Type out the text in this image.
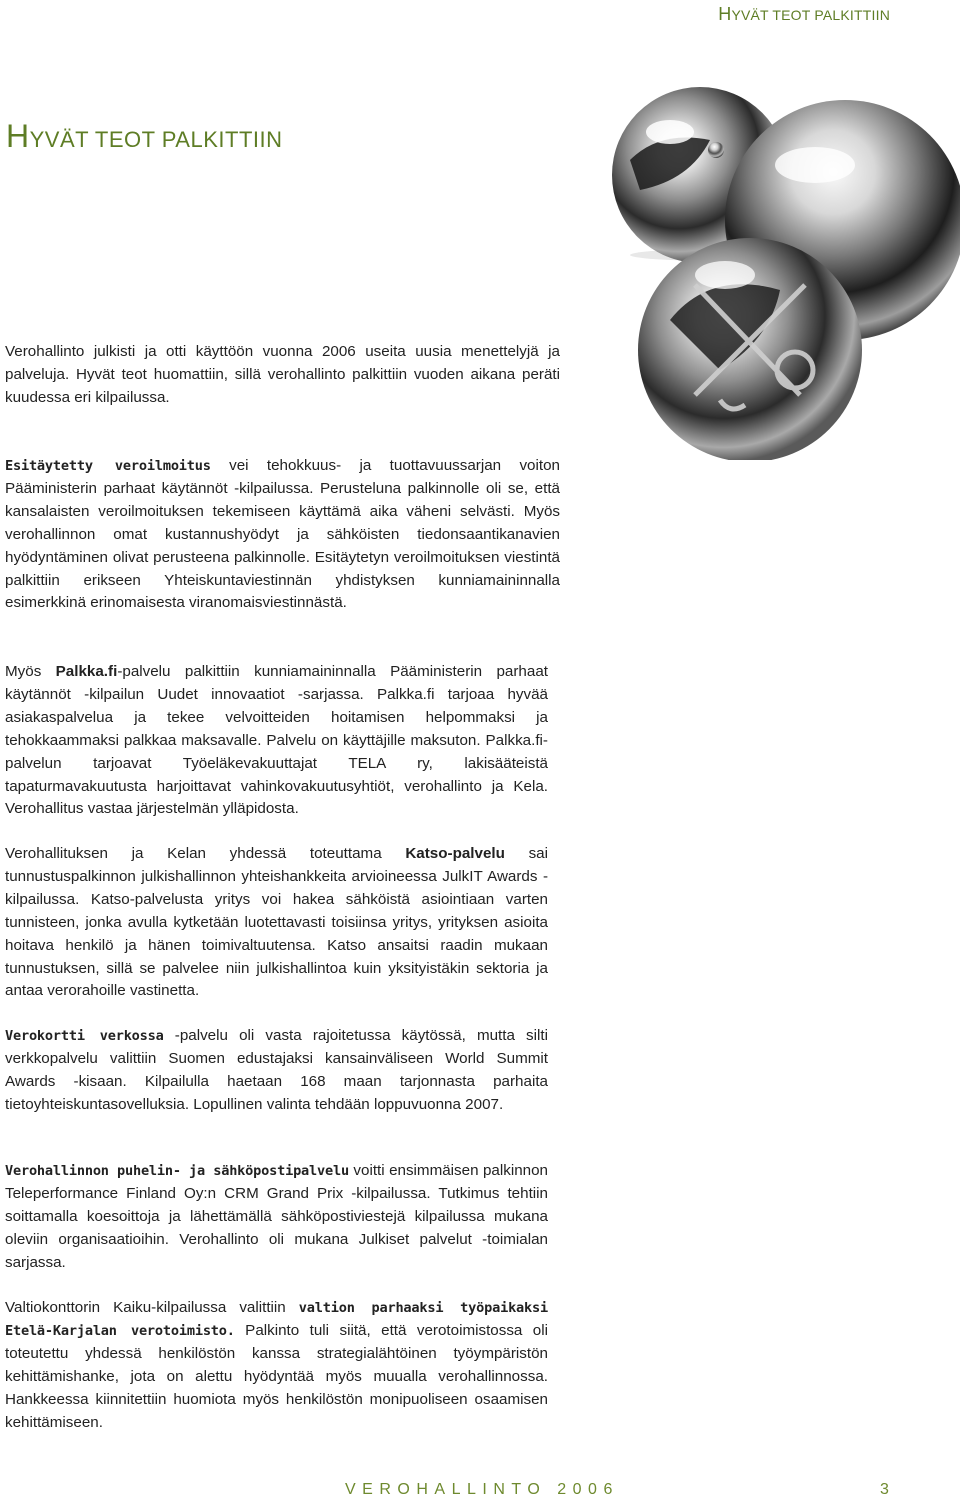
HYVÄT TEOT PALKITTIIN
HYVÄT TEOT PALKITTIIN

Verohallinto julkisti ja otti käyttöön vuonna 2006 useita uusia menettelyjä ja palveluja. Hyvät teot huomattiin, sillä verohallinto palkittiin vuoden aikana peräti kuudessa eri kilpailussa.

Esitäytetty veroilmoitus vei tehokkuus- ja tuottavuussarjan voiton Pääministerin parhaat käytännöt -kilpailussa. Perusteluna palkinnolle oli se, että kansalaisten veroilmoituksen tekemiseen käyttämä aika väheni selvästi. Myös verohallinnon omat kustannushyödyt ja sähköisten tiedonsaantikanavien hyödyntäminen olivat perusteena palkinnolle. Esitäytetyn veroilmoituksen viestintä palkittiin erikseen Yhteiskuntaviestinnän yhdistyksen kunniamaininnalla esimerkkinä erinomaisesta viranomaisviestinnästä.

Myös Palkka.fi-palvelu palkittiin kunniamaininnalla Pääministerin parhaat käytännöt -kilpailun Uudet innovaatiot -sarjassa. Palkka.fi tarjoaa hyvää asiakaspalvelua ja tekee velvoitteiden hoitamisen helpommaksi ja tehokkaammaksi palkkaa maksavalle. Palvelu on käyttäjille maksuton. Palkka.fi-palvelun tarjoavat Työeläkevakuuttajat TELA ry, lakisääteistä tapaturmavakuutusta harjoittavat vahinkovakuutusyhtiöt, verohallinto ja Kela. Verohallitus vastaa järjestelmän ylläpidosta.

Verohallituksen ja Kelan yhdessä toteuttama Katso-palvelu sai tunnustuspalkinnon julkishallinnon yhteishankkeita arvioineessa JulkIT Awards -kilpailussa. Katso-palvelusta yritys voi hakea sähköistä asiointiaan varten tunnisteen, jonka avulla kytketään luotettavasti toisiinsa yritys, yrityksen asioita hoitava henkilö ja hänen toimivaltuutensa. Katso ansaitsi raadin mukaan tunnustuksen, sillä se palvelee niin julkishallintoa kuin yksityistäkin sektoria ja antaa verorahoille vastinetta.

Verokortti verkossa -palvelu oli vasta rajoitetussa käytössä, mutta silti verkkopalvelu valittiin Suomen edustajaksi kansainväliseen World Summit Awards -kisaan. Kilpailulla haetaan 168 maan tarjonnasta parhaita tietoyhteiskuntasovelluksia. Lopullinen valinta tehdään loppuvuonna 2007.

Verohallinnon puhelin- ja sähköpostipalvelu voitti ensimmäisen palkinnon Teleperformance Finland Oy:n CRM Grand Prix -kilpailussa. Tutkimus tehtiin soittamalla koesoittoja ja lähettämällä sähköpostiviestejä kilpailussa mukana oleviin organisaatioihin. Verohallinto oli mukana Julkiset palvelut -toimialan sarjassa.

Valtiokonttorin Kaiku-kilpailussa valittiin valtion parhaaksi työpaikaksi Etelä-Karjalan verotoimisto. Palkinto tuli siitä, että verotoimistossa oli toteutettu yhdessä henkilöstön kanssa strategialähtöinen työympäristön kehittämishanke, jota on alettu hyödyntää myös muualla verohallinnossa. Hankkeessa kiinnitettiin huomiota myös henkilöstön monipuoliseen osaamisen kehittämiseen.

VEROHALLINTO 2006	3
